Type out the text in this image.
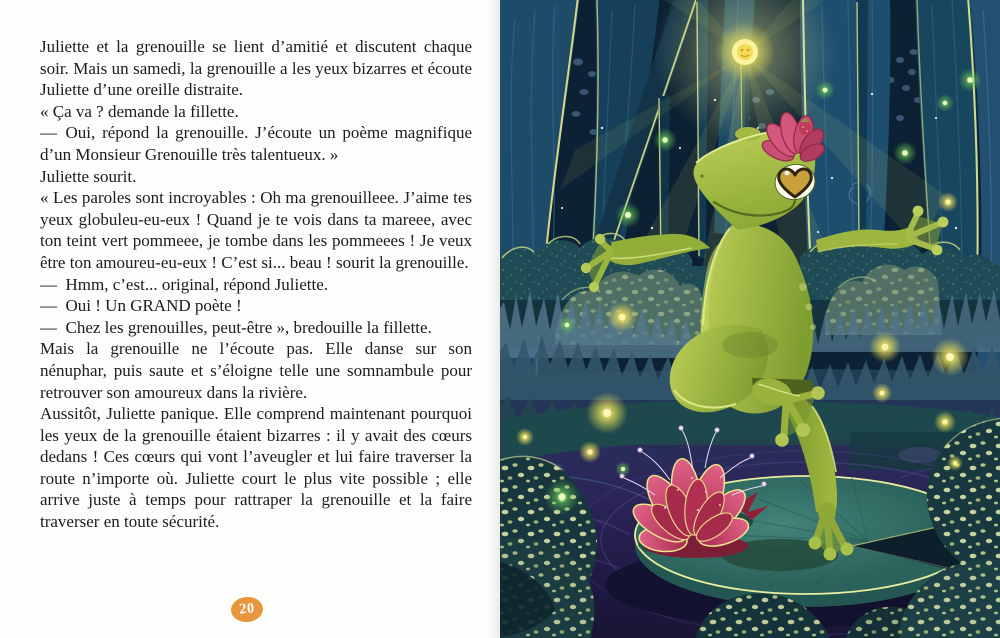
Juliette et la grenouille se lient d’amitié et discutent chaque soir. Mais un samedi, la grenouille a les yeux bizarres et écoute Juliette d’une oreille distraite.

« Ça va ? demande la fillette.

— Oui, répond la grenouille. J’écoute un poème magnifique d’un Monsieur Grenouille très talentueux. »

Juliette sourit.

« Les paroles sont incroyables : Oh ma grenouilleee. J’aime tes yeux globuleu-eu-eux ! Quand je te vois dans ta mareee, avec ton teint vert pommeee, je tombe dans les pommeees ! Je veux être ton amoureu-eu-eux ! C’est si... beau ! sourit la grenouille.

— Hmm, c’est... original, répond Juliette.

— Oui ! Un GRAND poète !

— Chez les grenouilles, peut-être », bredouille la fillette.

Mais la grenouille ne l’écoute pas. Elle danse sur son nénuphar, puis saute et s’éloigne telle une somnambule pour retrouver son amoureux dans la rivière.

Aussitôt, Juliette panique. Elle comprend maintenant pourquoi les yeux de la grenouille étaient bizarres : il y avait des cœurs dedans ! Ces cœurs qui vont l’aveugler et lui faire traverser la route n’importe où. Juliette court le plus vite possible ; elle arrive juste à temps pour rattraper la grenouille et la faire traverser en toute sécurité.

20
